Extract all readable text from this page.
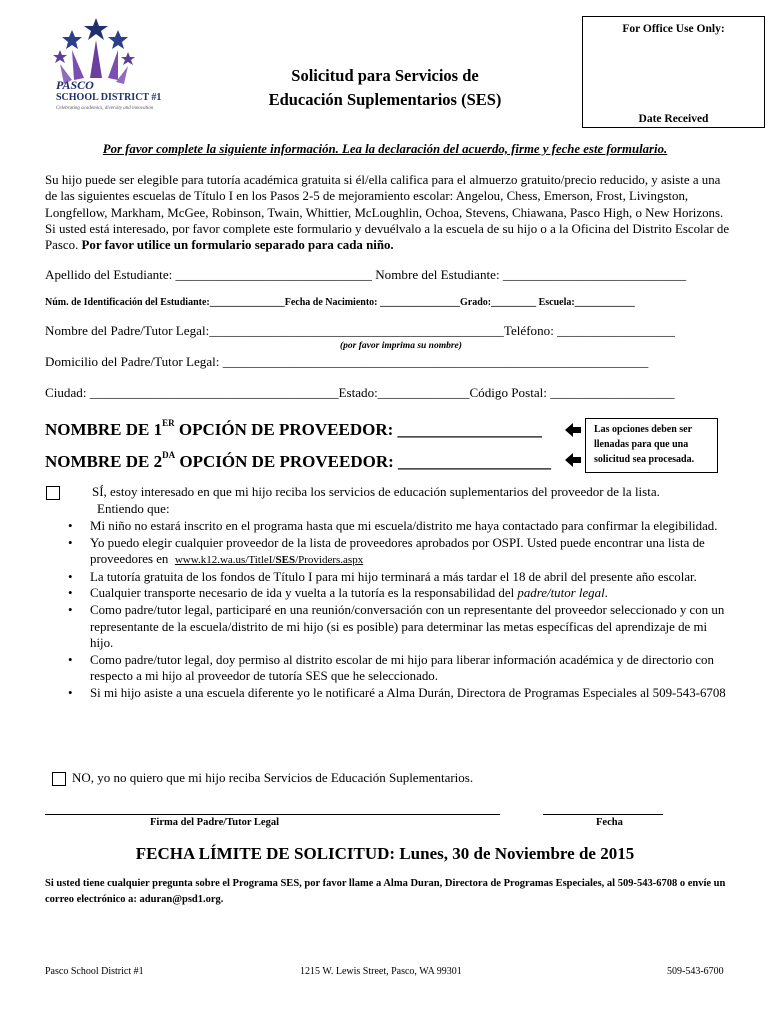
PASCO
SCHOOL DISTRICT #1
Celebrating academics, diversity and innovation
For Office Use Only:
Date Received
Solicitud para Servicios de
Educación Suplementarios (SES)
Por favor complete la siguiente información. Lea la declaración del acuerdo, firme y feche este formulario.
Su hijo puede ser elegible para tutoría académica gratuita si él/ella califica para el almuerzo gratuito/precio reducido, y asiste a una de las siguientes escuelas de Título I en los Pasos 2-5 de mejoramiento escolar: Angelou, Chess, Emerson, Frost, Livingston, Longfellow, Markham, McGee, Robinson, Twain, Whittier, McLoughlin, Ochoa, Stevens, Chiawana, Pasco High, o New Horizons. Si usted está interesado, por favor complete este formulario y devuélvalo a la escuela de su hijo o a la Oficina del Distrito Escolar de Pasco. Por favor utilice un formulario separado para cada niño.
Apellido del Estudiante: ______________________________ Nombre del Estudiante: ____________________________
Núm. de Identificación del Estudiante:_______________Fecha de Nacimiento: ________________Grado:_________ Escuela:____________
Nombre del Padre/Tutor Legal:_____________________________________________Teléfono: __________________
(por favor imprima su nombre)
Domicilio del Padre/Tutor Legal: _________________________________________________________________
Ciudad: ______________________________________Estado:______________Código Postal: ___________________
NOMBRE DE 1ER OPCIÓN DE PROVEEDOR: _________________
NOMBRE DE $2^{DA}$ OPCIÓN DE PROVEEDOR: __________________
Las opciones deben ser llenadas para que una solicitud sea procesada.
SÍ, estoy interesado en que mi hijo reciba los servicios de educación suplementarios del proveedor de la lista.
Entiendo que:
• Mi niño no estará inscrito en el programa hasta que mi escuela/distrito me haya contactado para confirmar la elegibilidad.
• Yo puedo elegir cualquier proveedor de la lista de proveedores aprobados por OSPI. Usted puede encontrar una lista de proveedores en www.k12.wa.us/TitleI/SES/Providers.aspx
• La tutoría gratuita de los fondos de Título I para mi hijo terminará a más tardar el 18 de abril del presente año escolar.
• Cualquier transporte necesario de ida y vuelta a la tutoría es la responsabilidad del padre/tutor legal.
• Como padre/tutor legal, participaré en una reunión/conversación con un representante del proveedor seleccionado y con un representante de la escuela/distrito de mi hijo (si es posible) para determinar las metas específicas del aprendizaje de mi hijo.
• Como padre/tutor legal, doy permiso al distrito escolar de mi hijo para liberar información académica y de directorio con respecto a mi hijo al proveedor de tutoría SES que he seleccionado.
• Si mi hijo asiste a una escuela diferente yo le notificaré a Alma Durán, Directora de Programas Especiales al 509-543-6708
NO, yo no quiero que mi hijo reciba Servicios de Educación Suplementarios.
Firma del Padre/Tutor Legal	Fecha
FECHA LÍMITE DE SOLICITUD: Lunes, 30 de Noviembre de 2015
Si usted tiene cualquier pregunta sobre el Programa SES, por favor llame a Alma Duran, Directora de Programas Especiales, al 509-543-6708 o envíe un correo electrónico a: aduran@psd1.org.
Pasco School District #1	1215 W. Lewis Street, Pasco, WA 99301	509-543-6700
